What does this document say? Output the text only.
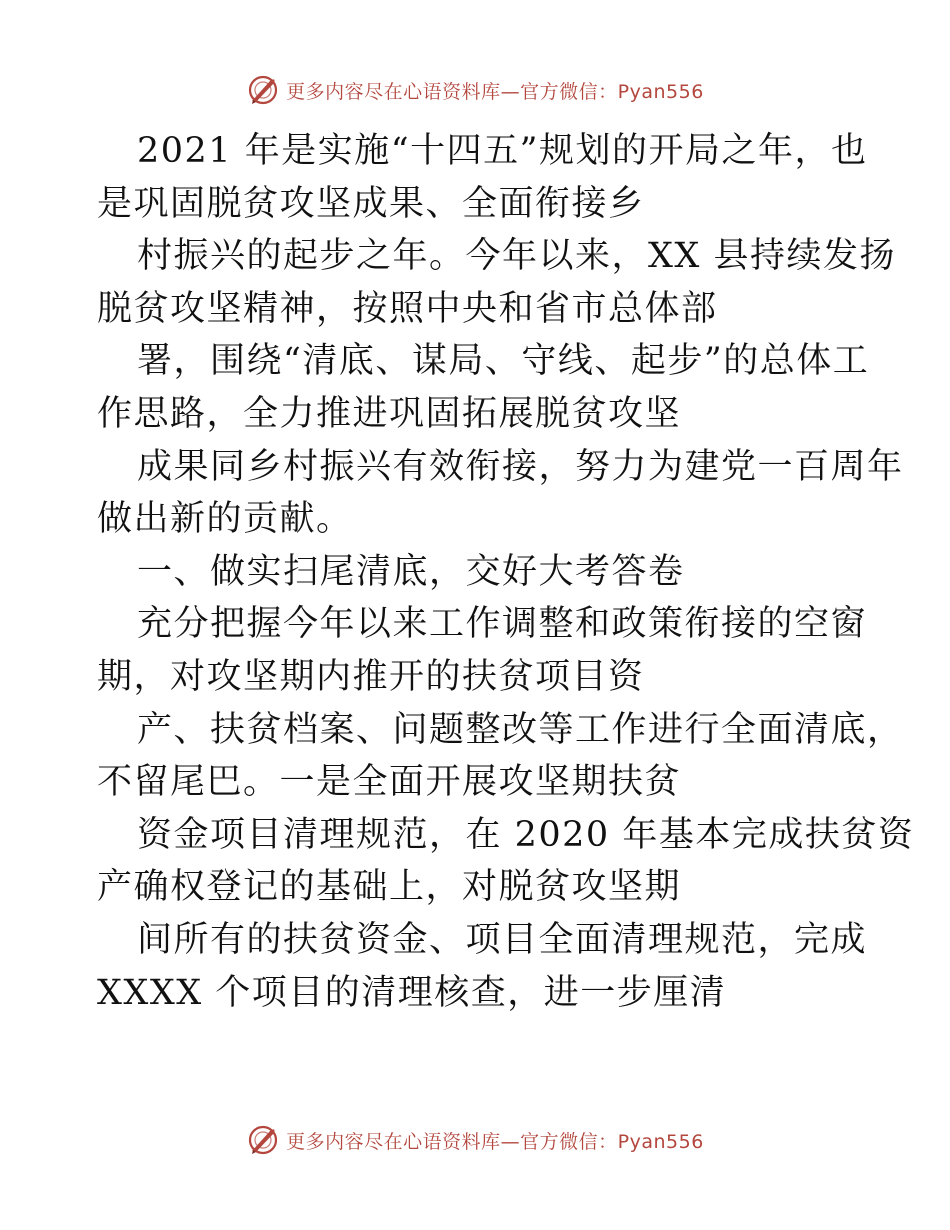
更多内容尽在心语资料库—官方微信：Pyan556
2021 年是实施“十四五”规划的开局之年，也
是巩固脱贫攻坚成果、全面衔接乡
村振兴的起步之年。今年以来，XX 县持续发扬
脱贫攻坚精神，按照中央和省市总体部
署，围绕“清底、谋局、守线、起步”的总体工
作思路，全力推进巩固拓展脱贫攻坚
成果同乡村振兴有效衔接，努力为建党一百周年
做出新的贡献。
一、做实扫尾清底，交好大考答卷
充分把握今年以来工作调整和政策衔接的空窗
期，对攻坚期内推开的扶贫项目资
产、扶贫档案、问题整改等工作进行全面清底，
不留尾巴。一是全面开展攻坚期扶贫
资金项目清理规范，在 2020 年基本完成扶贫资
产确权登记的基础上，对脱贫攻坚期
间所有的扶贫资金、项目全面清理规范，完成
XXXX 个项目的清理核查，进一步厘清
更多内容尽在心语资料库—官方微信：Pyan556
